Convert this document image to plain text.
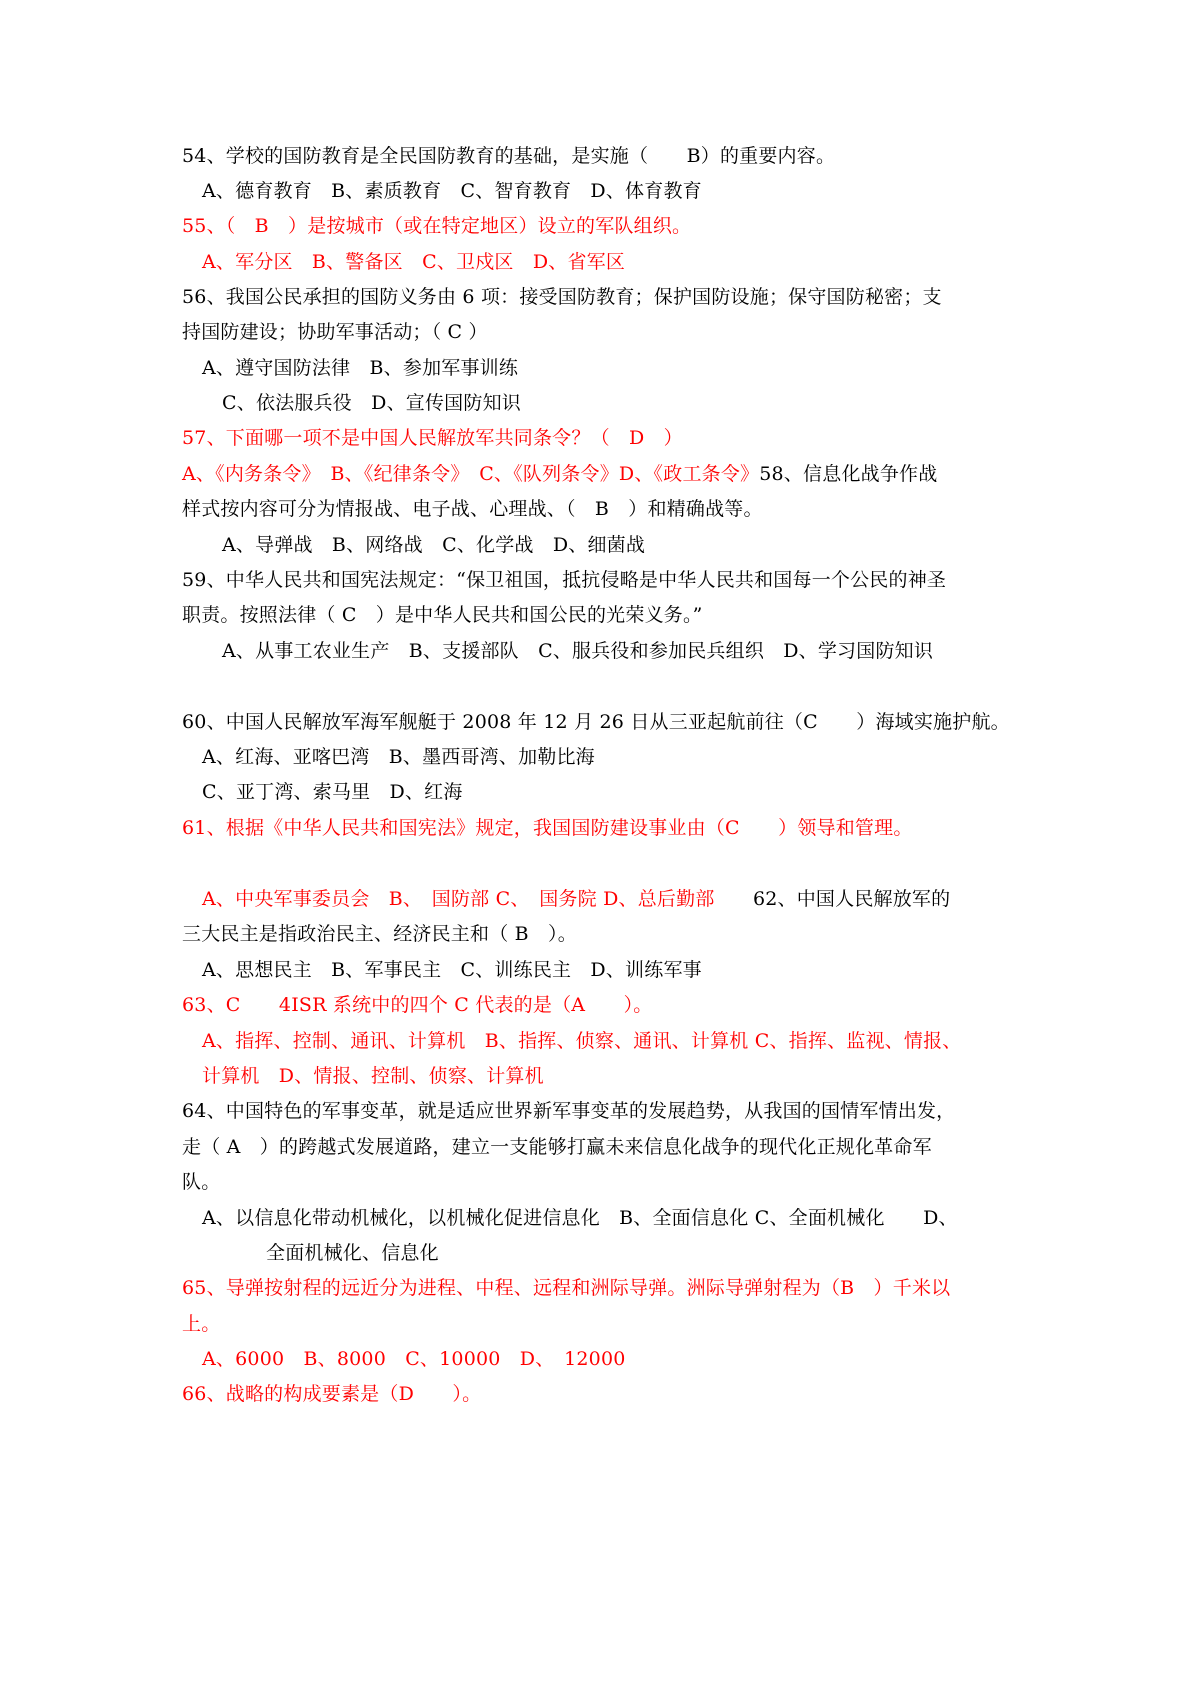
54、学校的国防教育是全民国防教育的基础，是实施（　　B）的重要内容。
A、德育教育　B、素质教育　C、智育教育　D、体育教育
55、（　B　）是按城市（或在特定地区）设立的军队组织。
A、军分区　B、警备区　C、卫戍区　D、省军区
56、我国公民承担的国防义务由 6 项：接受国防教育；保护国防设施；保守国防秘密；支
持国防建设；协助军事活动；（ C ）
A、遵守国防法律　B、参加军事训练
C、依法服兵役　D、宣传国防知识
57、下面哪一项不是中国人民解放军共同条令？（　D　）
A、《内务条令》　B、《纪律条令》　C、《队列条令》D、《政工条令》58、信息化战争作战
样式按内容可分为情报战、电子战、心理战、（　B　）和精确战等。
A、导弹战　B、网络战　C、化学战　D、细菌战
59、中华人民共和国宪法规定：“保卫祖国，抵抗侵略是中华人民共和国每一个公民的神圣
职责。按照法律（ C　）是中华人民共和国公民的光荣义务。”
A、从事工农业生产　B、支援部队　C、服兵役和参加民兵组织　D、学习国防知识
60、中国人民解放军海军舰艇于 2008 年 12 月 26 日从三亚起航前往（C　　）海域实施护航。
A、红海、亚喀巴湾　B、墨西哥湾、加勒比海
C、亚丁湾、索马里　D、红海
61、根据《中华人民共和国宪法》规定，我国国防建设事业由（C　　）领导和管理。
A、中央军事委员会　B、　国防部 C、　国务院 D、总后勤部　　62、中国人民解放军的
三大民主是指政治民主、经济民主和（ B　）。
A、思想民主　B、军事民主　C、训练民主　D、训练军事
63、C　　4ISR 系统中的四个 C 代表的是（A　　）。
A、指挥、控制、通讯、计算机　B、指挥、侦察、通讯、计算机 C、指挥、监视、情报、
计算机　D、情报、控制、侦察、计算机
64、中国特色的军事变革，就是适应世界新军事变革的发展趋势，从我国的国情军情出发，
走（ A　）的跨越式发展道路，建立一支能够打赢未来信息化战争的现代化正规化革命军
队。
A、以信息化带动机械化，以机械化促进信息化　B、全面信息化 C、全面机械化　　D、
全面机械化、信息化
65、导弹按射程的远近分为进程、中程、远程和洲际导弹。洲际导弹射程为（B　）千米以
上。
A、6000　B、8000　C、10000　D、　12000
66、战略的构成要素是（D　　）。
